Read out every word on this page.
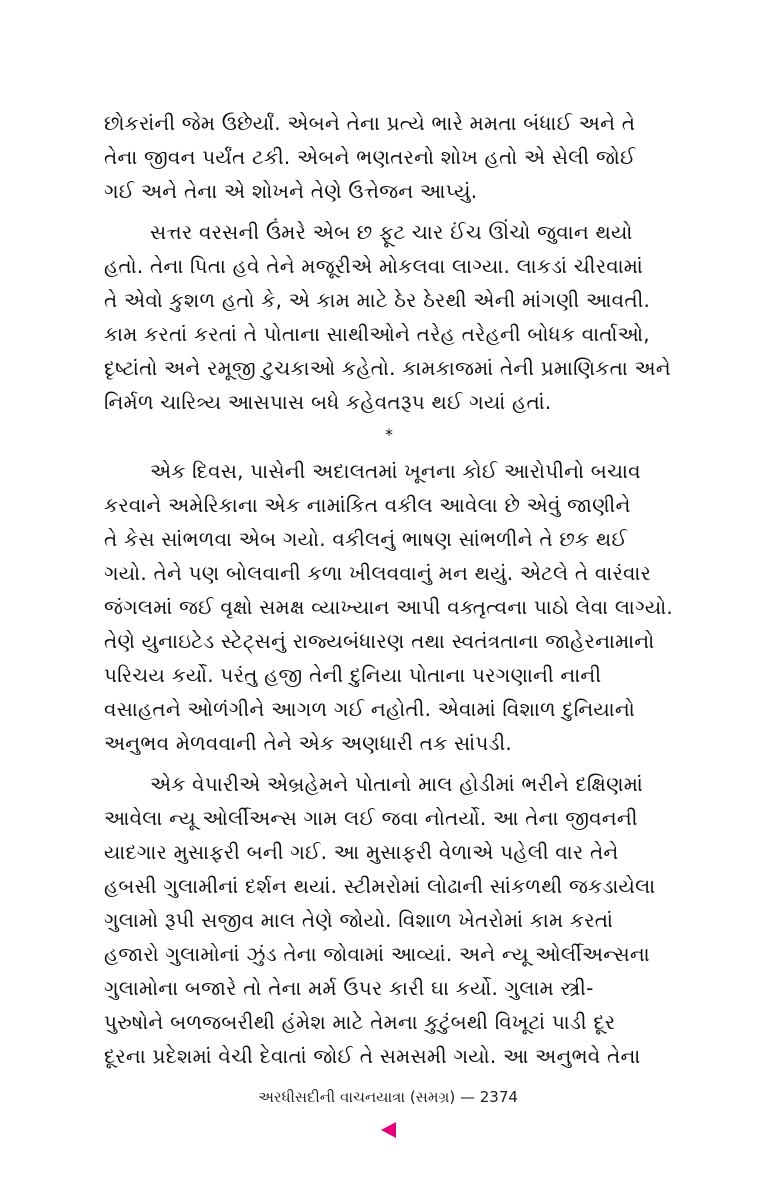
છોકરાંની જેમ ઉછેર્યાં. એબને તેના પ્રત્યે ભારે મમતા બંધાઈ અને તે
તેના જીવન પર્યંત ટકી. એબને ભણતરનો શોખ હતો એ સેલી જોઈ
ગઈ અને તેના એ શોખને તેણે ઉત્તેજન આપ્યું.
સત્તર વરસની ઉંમરે એબ છ ફૂટ ચાર ઈંચ ઊંચો જુવાન થયો
હતો. તેના પિતા હવે તેને મજૂરીએ મોકલવા લાગ્યા. લાકડાં ચીરવામાં
તે એવો કુશળ હતો કે, એ કામ માટે ઠેર ઠેરથી એની માંગણી આવતી.
કામ કરતાં કરતાં તે પોતાના સાથીઓને તરેહ તરેહની બોધક વાર્તાઓ,
દૃષ્ટાંતો અને રમૂજી ટુચકાઓ કહેતો. કામકાજમાં તેની પ્રમાણિકતા અને
નિર્મળ ચારિત્ર્ય આસપાસ બધે કહેવતરૂપ થઈ ગયાં હતાં.
*
એક દિવસ, પાસેની અદાલતમાં ખૂનના કોઈ આરોપીનો બચાવ
કરવાને અમેરિકાના એક નામાંકિત વકીલ આવેલા છે એવું જાણીને
તે કેસ સાંભળવા એબ ગયો. વકીલનું ભાષણ સાંભળીને તે છક થઈ
ગયો. તેને પણ બોલવાની કળા ખીલવવાનું મન થયું. એટલે તે વારંવાર
જંગલમાં જઈ વૃક્ષો સમક્ષ વ્યાખ્યાન આપી વક્તૃત્વના પાઠો લેવા લાગ્યો.
તેણે યુનાઇટેડ સ્ટેટ્સનું રાજ્યબંધારણ તથા સ્વતંત્રતાના જાહેરનામાનો
પરિચય કર્યો. પરંતુ હજી તેની દુનિયા પોતાના પરગણાની નાની
વસાહતને ઓળંગીને આગળ ગઈ નહોતી. એવામાં વિશાળ દુનિયાનો
અનુભવ મેળવવાની તેને એક અણધારી તક સાંપડી.
એક વેપારીએ એબ્રહેમને પોતાનો માલ હોડીમાં ભરીને દક્ષિણમાં
આવેલા ન્યૂ ઓર્લીઅન્સ ગામ લઈ જવા નોતર્યો. આ તેના જીવનની
યાદગાર મુસાફરી બની ગઈ. આ મુસાફરી વેળાએ પહેલી વાર તેને
હબસી ગુલામીનાં દર્શન થયાં. સ્ટીમરોમાં લોઢાની સાંકળથી જકડાયેલા
ગુલામો રૂપી સજીવ માલ તેણે જોયો. વિશાળ ખેતરોમાં કામ કરતાં
હજારો ગુલામોનાં ઝુંડ તેના જોવામાં આવ્યાં. અને ન્યૂ ઓર્લીઅન્સના
ગુલામોના બજારે તો તેના મર્મ ઉપર કારી ઘા કર્યો. ગુલામ સ્ત્રી-
પુરુષોને બળજબરીથી હંમેશ માટે તેમના કુટુંબથી વિખૂટાં પાડી દૂર
દૂરના પ્રદેશમાં વેચી દેવાતાં જોઈ તે સમસમી ગયો. આ અનુભવે તેના
અરધીસદીની વાચનયાત્રા (સમગ્ર) — 2374
